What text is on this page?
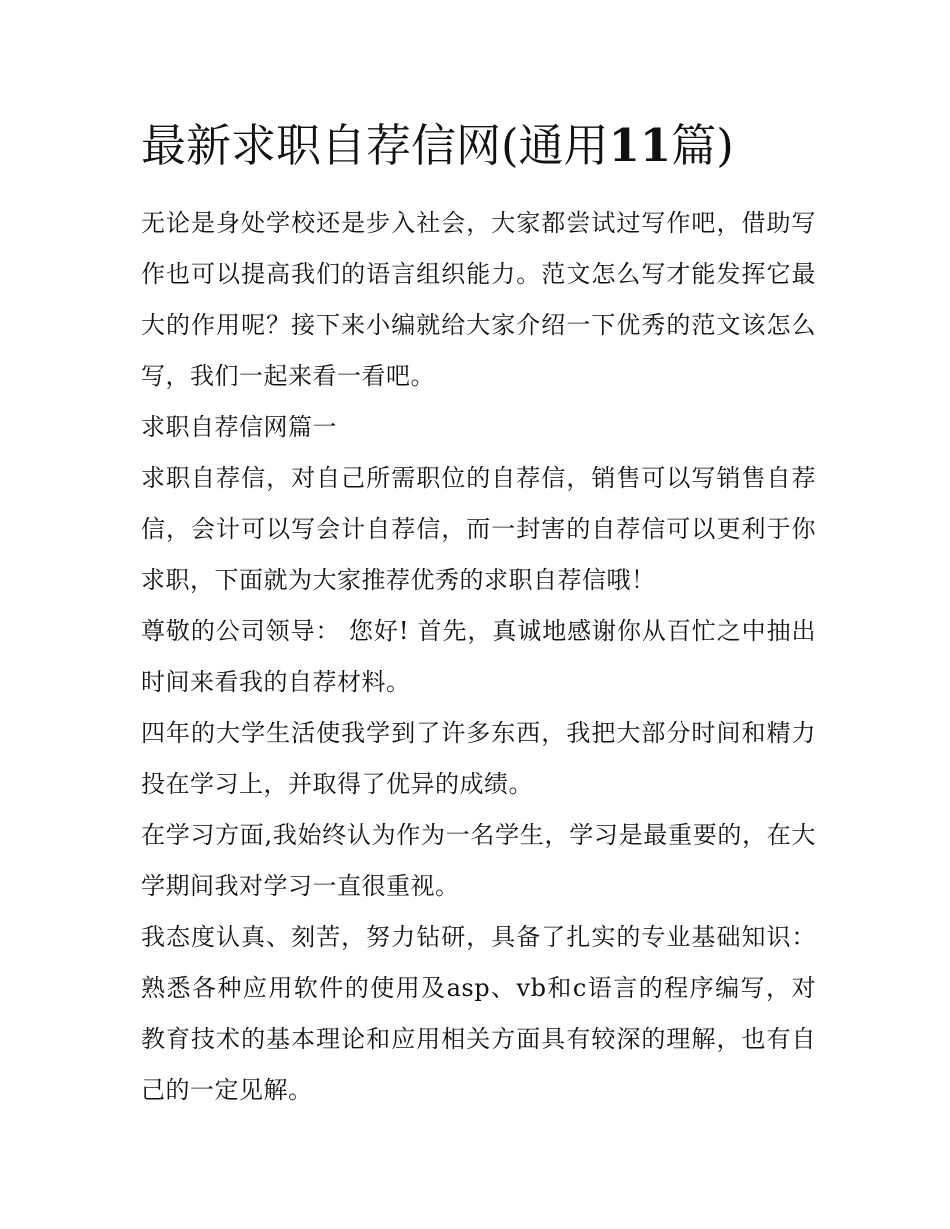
最新求职自荐信网(通用11篇)

无论是身处学校还是步入社会，大家都尝试过写作吧，借助写作也可以提高我们的语言组织能力。范文怎么写才能发挥它最大的作用呢？接下来小编就给大家介绍一下优秀的范文该怎么写，我们一起来看一看吧。

求职自荐信网篇一

求职自荐信，对自己所需职位的自荐信，销售可以写销售自荐信，会计可以写会计自荐信，而一封害的自荐信可以更利于你求职，下面就为大家推荐优秀的求职自荐信哦！

尊敬的公司领导： 您好! 首先，真诚地感谢你从百忙之中抽出时间来看我的自荐材料。

四年的大学生活使我学到了许多东西，我把大部分时间和精力投在学习上，并取得了优异的成绩。

在学习方面,我始终认为作为一名学生，学习是最重要的，在大学期间我对学习一直很重视。

我态度认真、刻苦，努力钻研，具备了扎实的专业基础知识：熟悉各种应用软件的使用及asp、vb和c语言的程序编写，对教育技术的基本理论和应用相关方面具有较深的理解，也有自己的一定见解。
